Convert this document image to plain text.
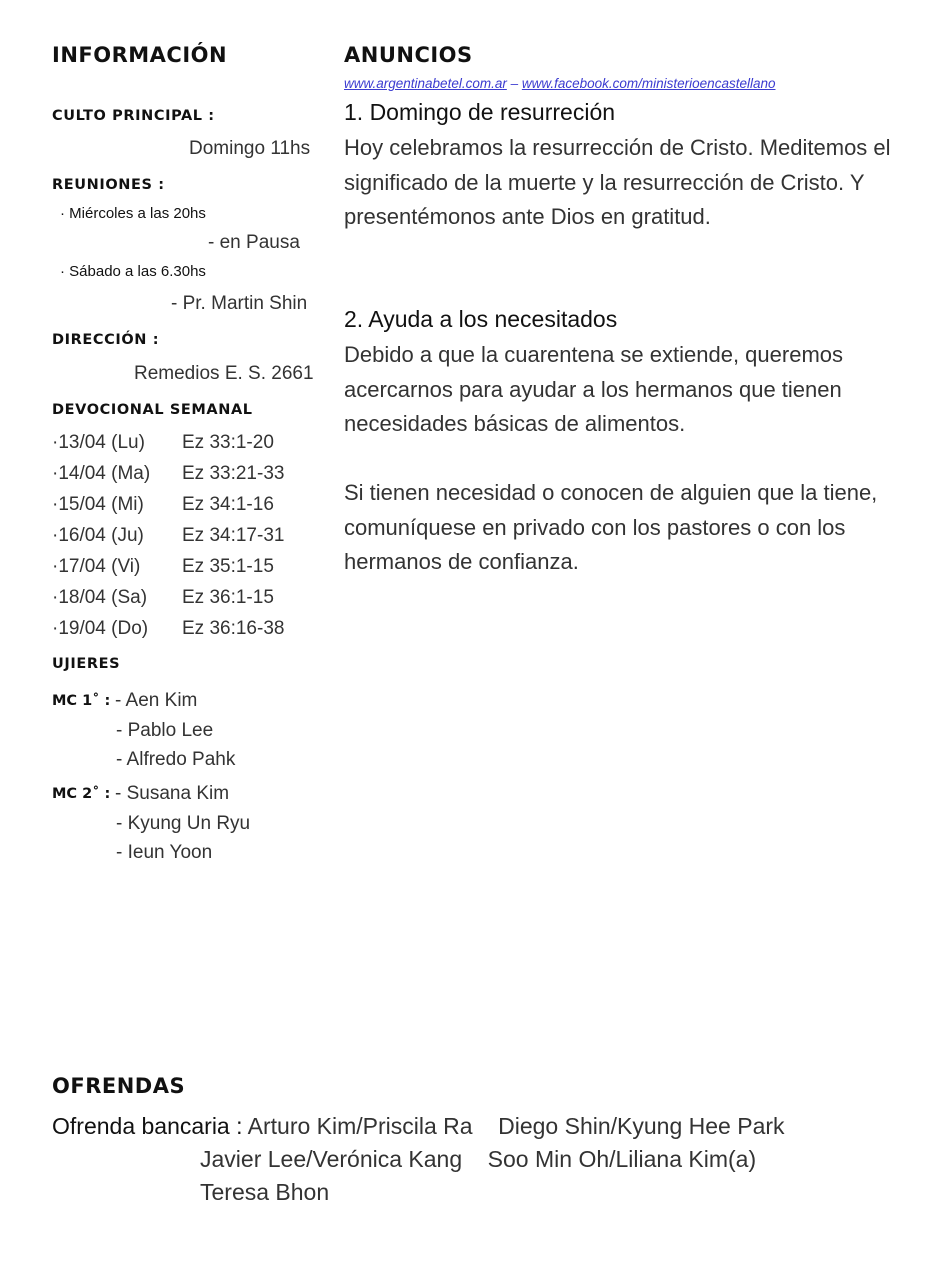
INFORMACIÓN
CULTO PRINCIPAL :
Domingo 11hs
REUNIONES :
· Miércoles a las 20hs
- en Pausa
· Sábado a las 6.30hs
- Pr. Martin Shin
DIRECCIÓN :
Remedios E. S. 2661
DEVOCIONAL SEMANAL
·13/04 (Lu) Ez 33:1-20
·14/04 (Ma) Ez 33:21-33
·15/04 (Mi) Ez 34:1-16
·16/04 (Ju) Ez 34:17-31
·17/04 (Vi) Ez 35:1-15
·18/04 (Sa) Ez 36:1-15
·19/04 (Do) Ez 36:16-38
UJIERES
MC 1˚ : - Aen Kim
- Pablo Lee
- Alfredo Pahk
MC 2˚ : - Susana Kim
- Kyung Un Ryu
- Ieun Yoon
ANUNCIOS
www.argentinabetel.com.ar – www.facebook.com/ministerioencastellano
1. Domingo de resurreción
Hoy celebramos la resurrección de Cristo. Meditemos el significado de la muerte y la resurrección de Cristo. Y presentémonos ante Dios en gratitud.
2. Ayuda a los necesitados
Debido a que la cuarentena se extiende, queremos acercarnos para ayudar a los hermanos que tienen necesidades básicas de alimentos.
Si tienen necesidad o conocen de alguien que la tiene, comuníquese en privado con los pastores o con los hermanos de confianza.
OFRENDAS
Ofrenda bancaria : Arturo Kim/Priscila Ra    Diego Shin/Kyung Hee Park
Javier Lee/Verónica Kang    Soo Min Oh/Liliana Kim(a)
Teresa Bhon
